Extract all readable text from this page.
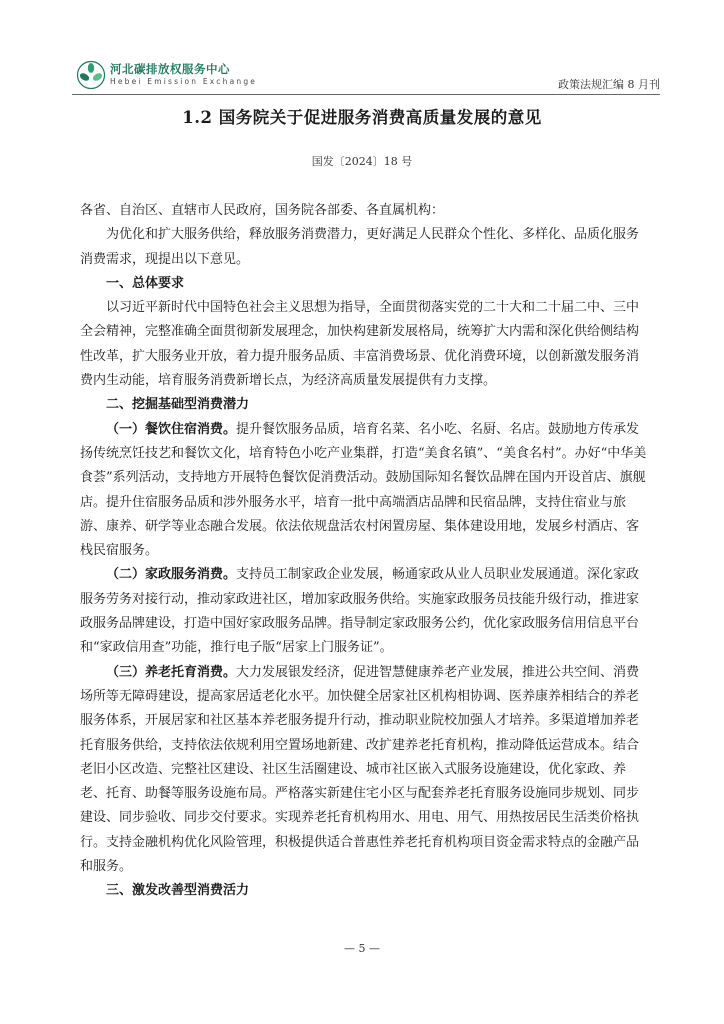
河北碳排放权服务中心
Hebei Emission Exchange	政策法规汇编 8 月刊
1.2 国务院关于促进服务消费高质量发展的意见
国发〔2024〕18 号

各省、自治区、直辖市人民政府，国务院各部委、各直属机构：

为优化和扩大服务供给，释放服务消费潜力，更好满足人民群众个性化、多样化、品质化服务消费需求，现提出以下意见。

一、总体要求

以习近平新时代中国特色社会主义思想为指导，全面贯彻落实党的二十大和二十届二中、三中全会精神，完整准确全面贯彻新发展理念，加快构建新发展格局，统筹扩大内需和深化供给侧结构性改革，扩大服务业开放，着力提升服务品质、丰富消费场景、优化消费环境，以创新激发服务消费内生动能，培育服务消费新增长点，为经济高质量发展提供有力支撑。

二、挖掘基础型消费潜力

（一）餐饮住宿消费。提升餐饮服务品质，培育名菜、名小吃、名厨、名店。鼓励地方传承发扬传统烹饪技艺和餐饮文化，培育特色小吃产业集群，打造“美食名镇”、“美食名村”。办好“中华美食荟”系列活动，支持地方开展特色餐饮促消费活动。鼓励国际知名餐饮品牌在国内开设首店、旗舰店。提升住宿服务品质和涉外服务水平，培育一批中高端酒店品牌和民宿品牌，支持住宿业与旅游、康养、研学等业态融合发展。依法依规盘活农村闲置房屋、集体建设用地，发展乡村酒店、客栈民宿服务。

（二）家政服务消费。支持员工制家政企业发展，畅通家政从业人员职业发展通道。深化家政服务劳务对接行动，推动家政进社区，增加家政服务供给。实施家政服务员技能升级行动，推进家政服务品牌建设，打造中国好家政服务品牌。指导制定家政服务公约，优化家政服务信用信息平台和“家政信用查”功能，推行电子版“居家上门服务证”。

（三）养老托育消费。大力发展银发经济，促进智慧健康养老产业发展，推进公共空间、消费场所等无障碍建设，提高家居适老化水平。加快健全居家社区机构相协调、医养康养相结合的养老服务体系，开展居家和社区基本养老服务提升行动，推动职业院校加强人才培养。多渠道增加养老托育服务供给，支持依法依规利用空置场地新建、改扩建养老托育机构，推动降低运营成本。结合老旧小区改造、完整社区建设、社区生活圈建设、城市社区嵌入式服务设施建设，优化家政、养老、托育、助餐等服务设施布局。严格落实新建住宅小区与配套养老托育服务设施同步规划、同步建设、同步验收、同步交付要求。实现养老托育机构用水、用电、用气、用热按居民生活类价格执行。支持金融机构优化风险管理，积极提供适合普惠性养老托育机构项目资金需求特点的金融产品和服务。

三、激发改善型消费活力

— 5 —
